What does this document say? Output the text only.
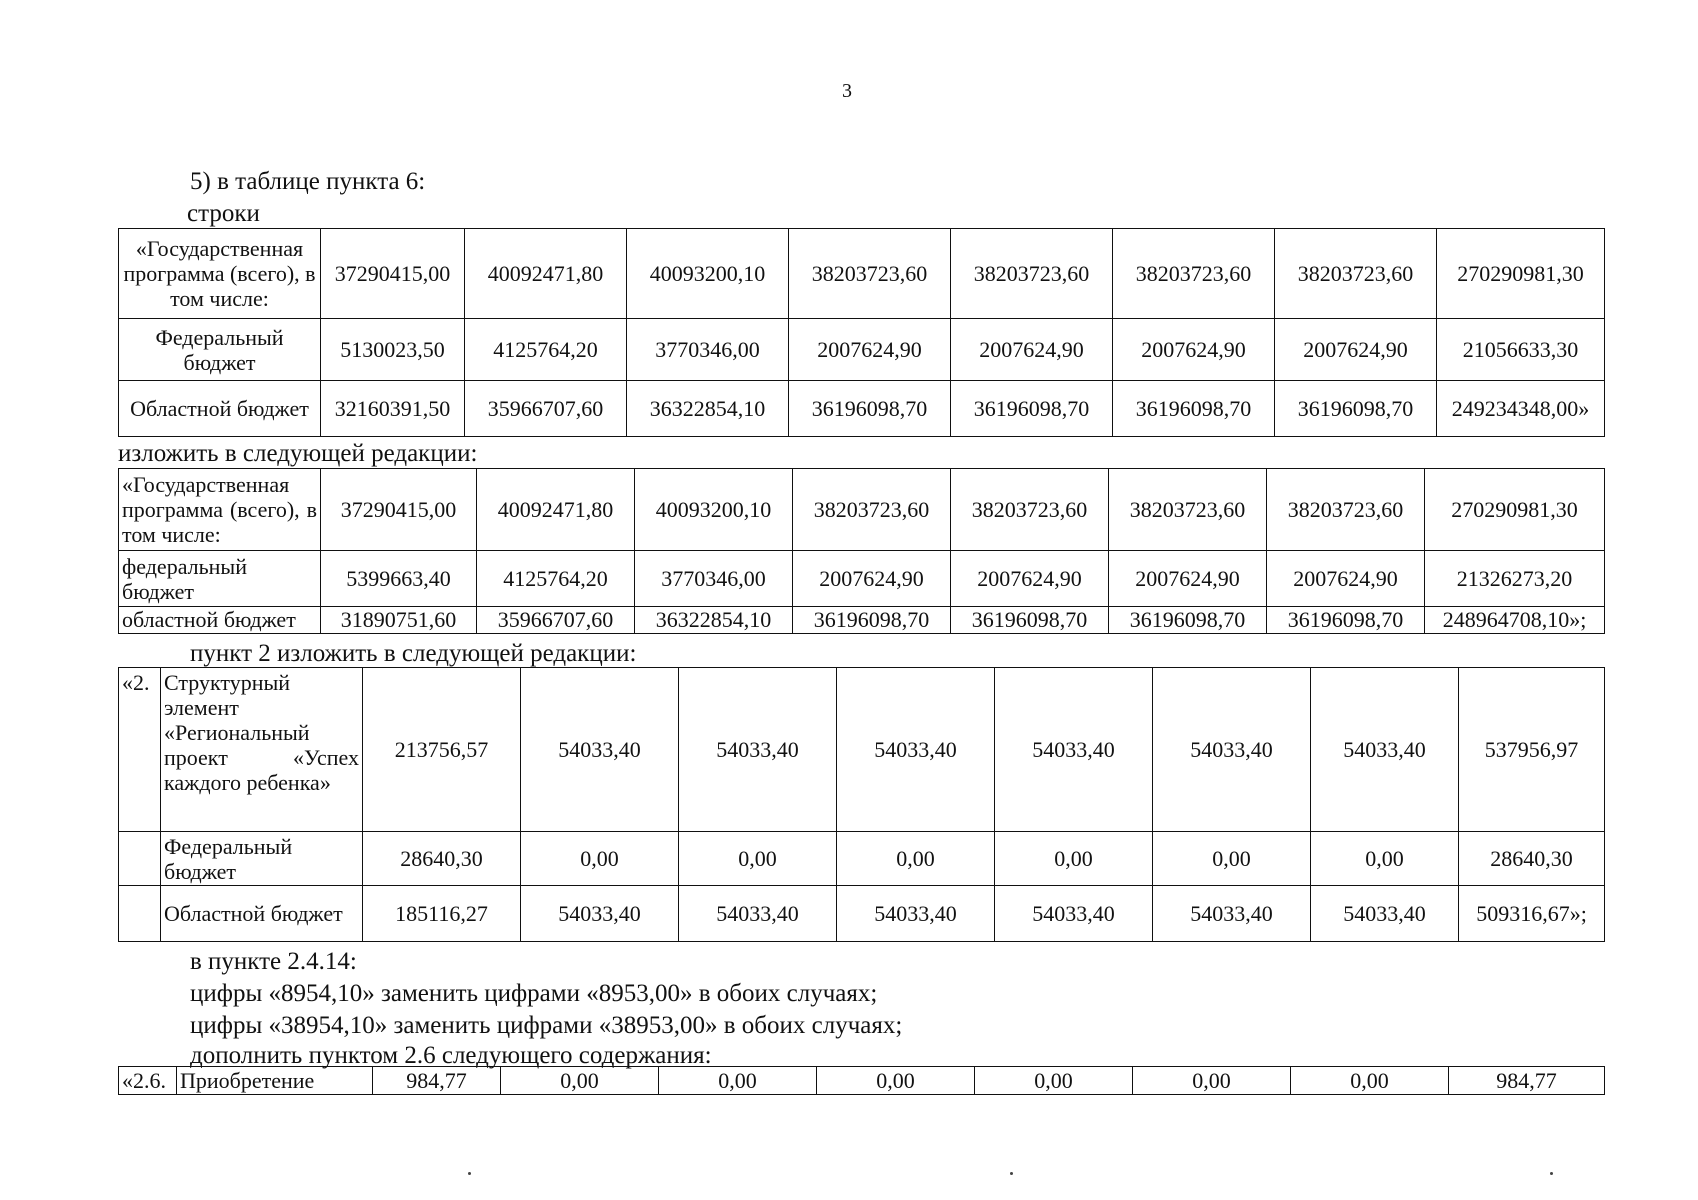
3
5) в таблице пункта 6:
строки
«Государственная программа (всего), в том числе:	37290415,00	40092471,80	40093200,10	38203723,60	38203723,60	38203723,60	38203723,60	270290981,30
Федеральный бюджет	5130023,50	4125764,20	3770346,00	2007624,90	2007624,90	2007624,90	2007624,90	21056633,30
Областной бюджет	32160391,50	35966707,60	36322854,10	36196098,70	36196098,70	36196098,70	36196098,70	249234348,00»
изложить в следующей редакции:
«Государственная программа (всего), в том числе:	37290415,00	40092471,80	40093200,10	38203723,60	38203723,60	38203723,60	38203723,60	270290981,30
федеральный бюджет	5399663,40	4125764,20	3770346,00	2007624,90	2007624,90	2007624,90	2007624,90	21326273,20
областной бюджет	31890751,60	35966707,60	36322854,10	36196098,70	36196098,70	36196098,70	36196098,70	248964708,10»;
пункт 2 изложить в следующей редакции:
«2.	Структурный элемент «Региональный проект «Успех каждого ребенка»	213756,57	54033,40	54033,40	54033,40	54033,40	54033,40	54033,40	537956,97
	Федеральный бюджет	28640,30	0,00	0,00	0,00	0,00	0,00	0,00	28640,30
	Областной бюджет	185116,27	54033,40	54033,40	54033,40	54033,40	54033,40	54033,40	509316,67»;
в пункте 2.4.14:
цифры «8954,10» заменить цифрами «8953,00» в обоих случаях;
цифры «38954,10» заменить цифрами «38953,00» в обоих случаях;
дополнить пунктом 2.6 следующего содержания:
«2.6.	Приобретение	984,77	0,00	0,00	0,00	0,00	0,00	0,00	984,77
